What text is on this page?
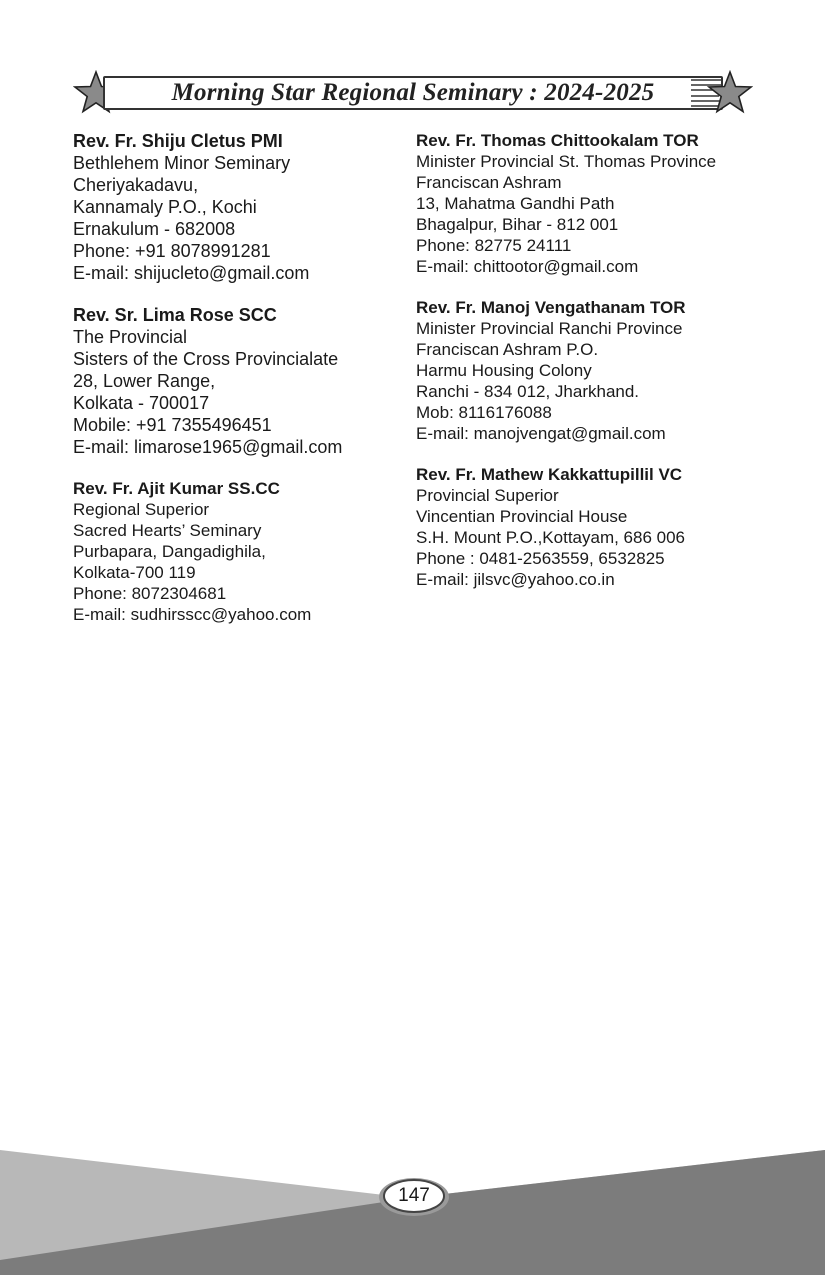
Morning Star Regional Seminary : 2024-2025

Rev. Fr. Shiju Cletus PMI

Bethlehem Minor Seminary

Cheriyakadavu,

Kannamaly P.O., Kochi

Ernakulum - 682008

Phone: +91 8078991281

E-mail: shijucleto@gmail.com

Rev. Sr. Lima Rose SCC

The Provincial

Sisters of the Cross Provincialate

28, Lower Range,

Kolkata - 700017

Mobile: +91 7355496451

E-mail: limarose1965@gmail.com

Rev. Fr. Ajit Kumar SS.CC

Regional Superior

Sacred Hearts’ Seminary

Purbapara, Dangadighila,

Kolkata-700 119

Phone: 8072304681

E-mail: sudhirsscc@yahoo.com

Rev. Fr. Thomas Chittookalam TOR

Minister Provincial St. Thomas Province

Franciscan Ashram

13, Mahatma Gandhi Path

Bhagalpur, Bihar - 812 001

Phone: 82775 24111

E-mail: chittootor@gmail.com

Rev. Fr. Manoj Vengathanam TOR

Minister Provincial Ranchi Province

Franciscan Ashram P.O.

Harmu Housing Colony

Ranchi - 834 012, Jharkhand.

Mob: 8116176088

E-mail: manojvengat@gmail.com

Rev. Fr. Mathew Kakkattupillil VC

Provincial Superior

Vincentian Provincial House

S.H. Mount P.O.,Kottayam, 686 006

Phone : 0481-2563559, 6532825

E-mail: jilsvc@yahoo.co.in

147
